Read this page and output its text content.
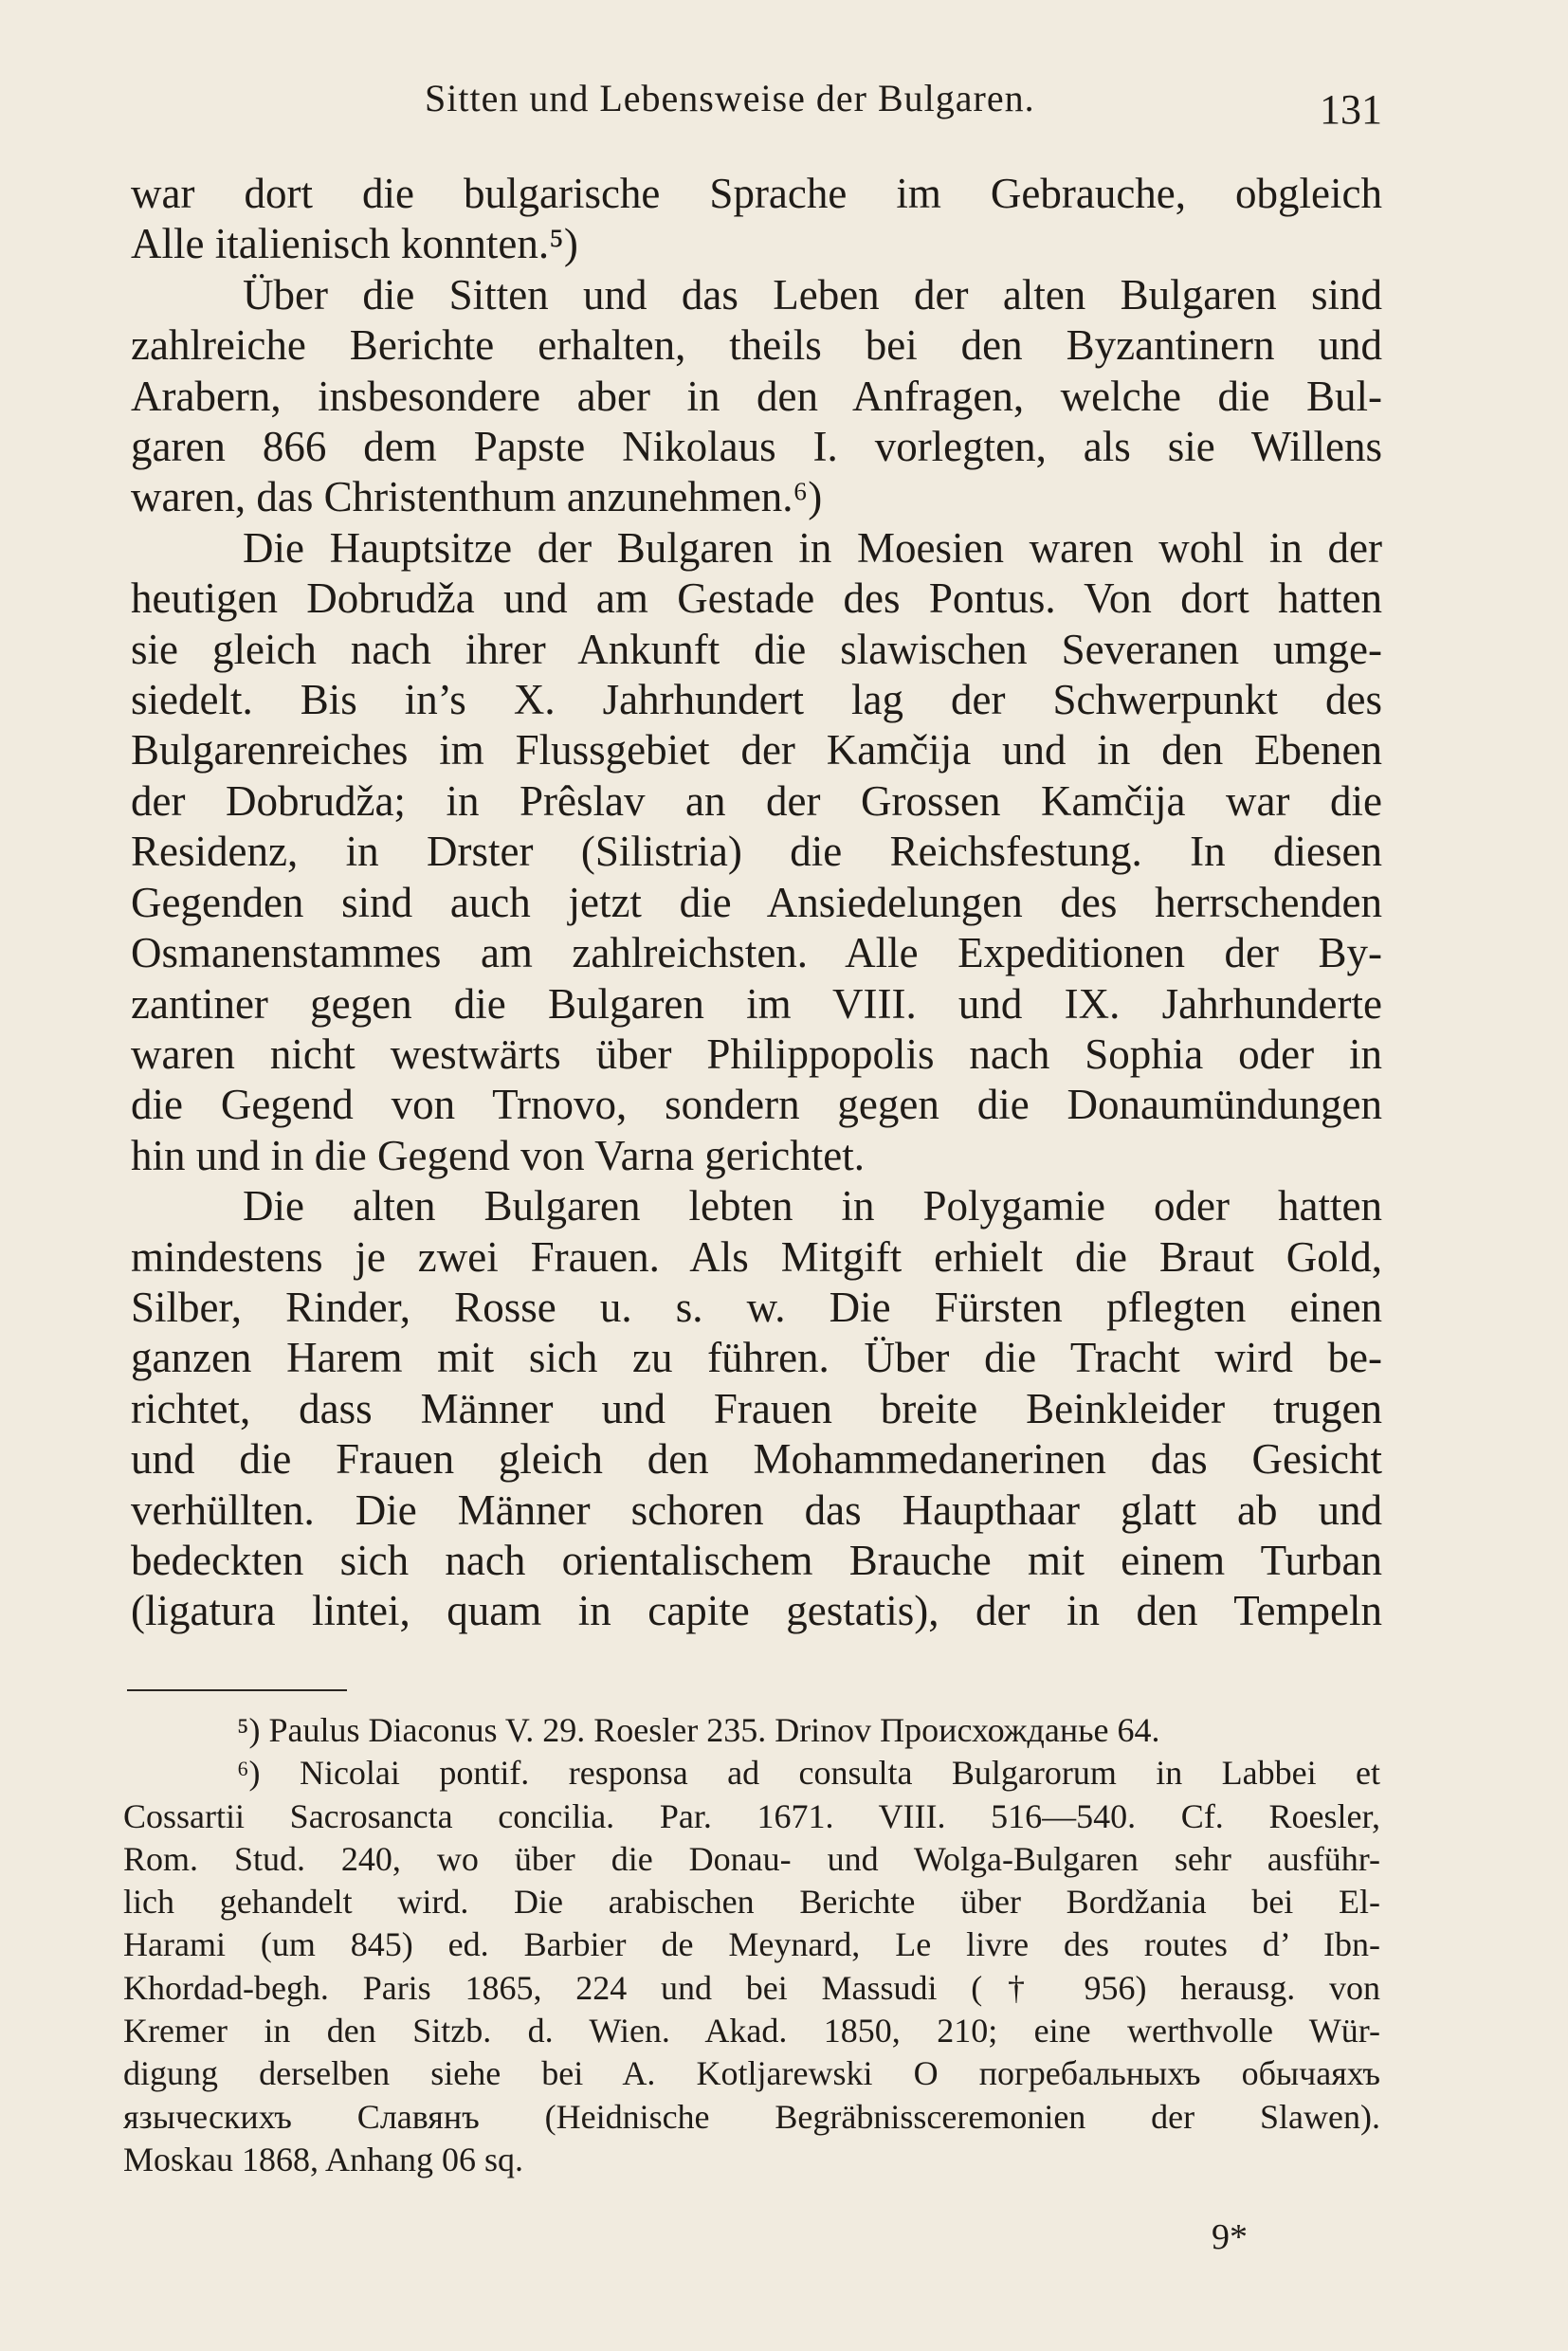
Sitten und Lebensweise der Bulgaren.	131

war dort die bulgarische Sprache im Gebrauche, obgleich

Alle italienisch konnten.⁵)

Über die Sitten und das Leben der alten Bulgaren sind

zahlreiche Berichte erhalten, theils bei den Byzantinern und

Arabern, insbesondere aber in den Anfragen, welche die Bul-

garen 866 dem Papste Nikolaus I. vorlegten, als sie Willens

waren, das Christenthum anzunehmen.⁶)

Die Hauptsitze der Bulgaren in Moesien waren wohl in der

heutigen Dobrudža und am Gestade des Pontus. Von dort hatten

sie gleich nach ihrer Ankunft die slawischen Severanen umge-

siedelt. Bis in’s X. Jahrhundert lag der Schwerpunkt des

Bulgarenreiches im Flussgebiet der Kamčija und in den Ebenen

der Dobrudža; in Prêslav an der Grossen Kamčija war die

Residenz, in Drster (Silistria) die Reichsfestung. In diesen

Gegenden sind auch jetzt die Ansiedelungen des herrschenden

Osmanenstammes am zahlreichsten. Alle Expeditionen der By-

zantiner gegen die Bulgaren im VIII. und IX. Jahrhunderte

waren nicht westwärts über Philippopolis nach Sophia oder in

die Gegend von Trnovo, sondern gegen die Donaumündungen

hin und in die Gegend von Varna gerichtet.

Die alten Bulgaren lebten in Polygamie oder hatten

mindestens je zwei Frauen. Als Mitgift erhielt die Braut Gold,

Silber, Rinder, Rosse u. s. w. Die Fürsten pflegten einen

ganzen Harem mit sich zu führen. Über die Tracht wird be-

richtet, dass Männer und Frauen breite Beinkleider trugen

und die Frauen gleich den Mohammedanerinen das Gesicht

verhüllten. Die Männer schoren das Haupthaar glatt ab und

bedeckten sich nach orientalischem Brauche mit einem Turban

(ligatura lintei, quam in capite gestatis), der in den Tempeln

⁵) Paulus Diaconus V. 29. Roesler 235. Drinov Происхожданье 64.

⁶) Nicolai pontif. responsa ad consulta Bulgarorum in Labbei et

Cossartii Sacrosancta concilia. Par. 1671. VIII. 516—540. Cf. Roesler,

Rom. Stud. 240, wo über die Donau- und Wolga-Bulgaren sehr ausführ-

lich gehandelt wird. Die arabischen Berichte über Bordžania bei El-

Harami (um 845) ed. Barbier de Meynard, Le livre des routes d’ Ibn-

Khordad-begh. Paris 1865, 224 und bei Massudi († 956) herausg. von

Kremer in den Sitzb. d. Wien. Akad. 1850, 210; eine werthvolle Wür-

digung derselben siehe bei A. Kotljarewski O погребальныхъ обычаяхъ

языческихъ Славянъ (Heidnische Begräbnissceremonien der Slawen).

Moskau 1868, Anhang 06 sq.

9*
